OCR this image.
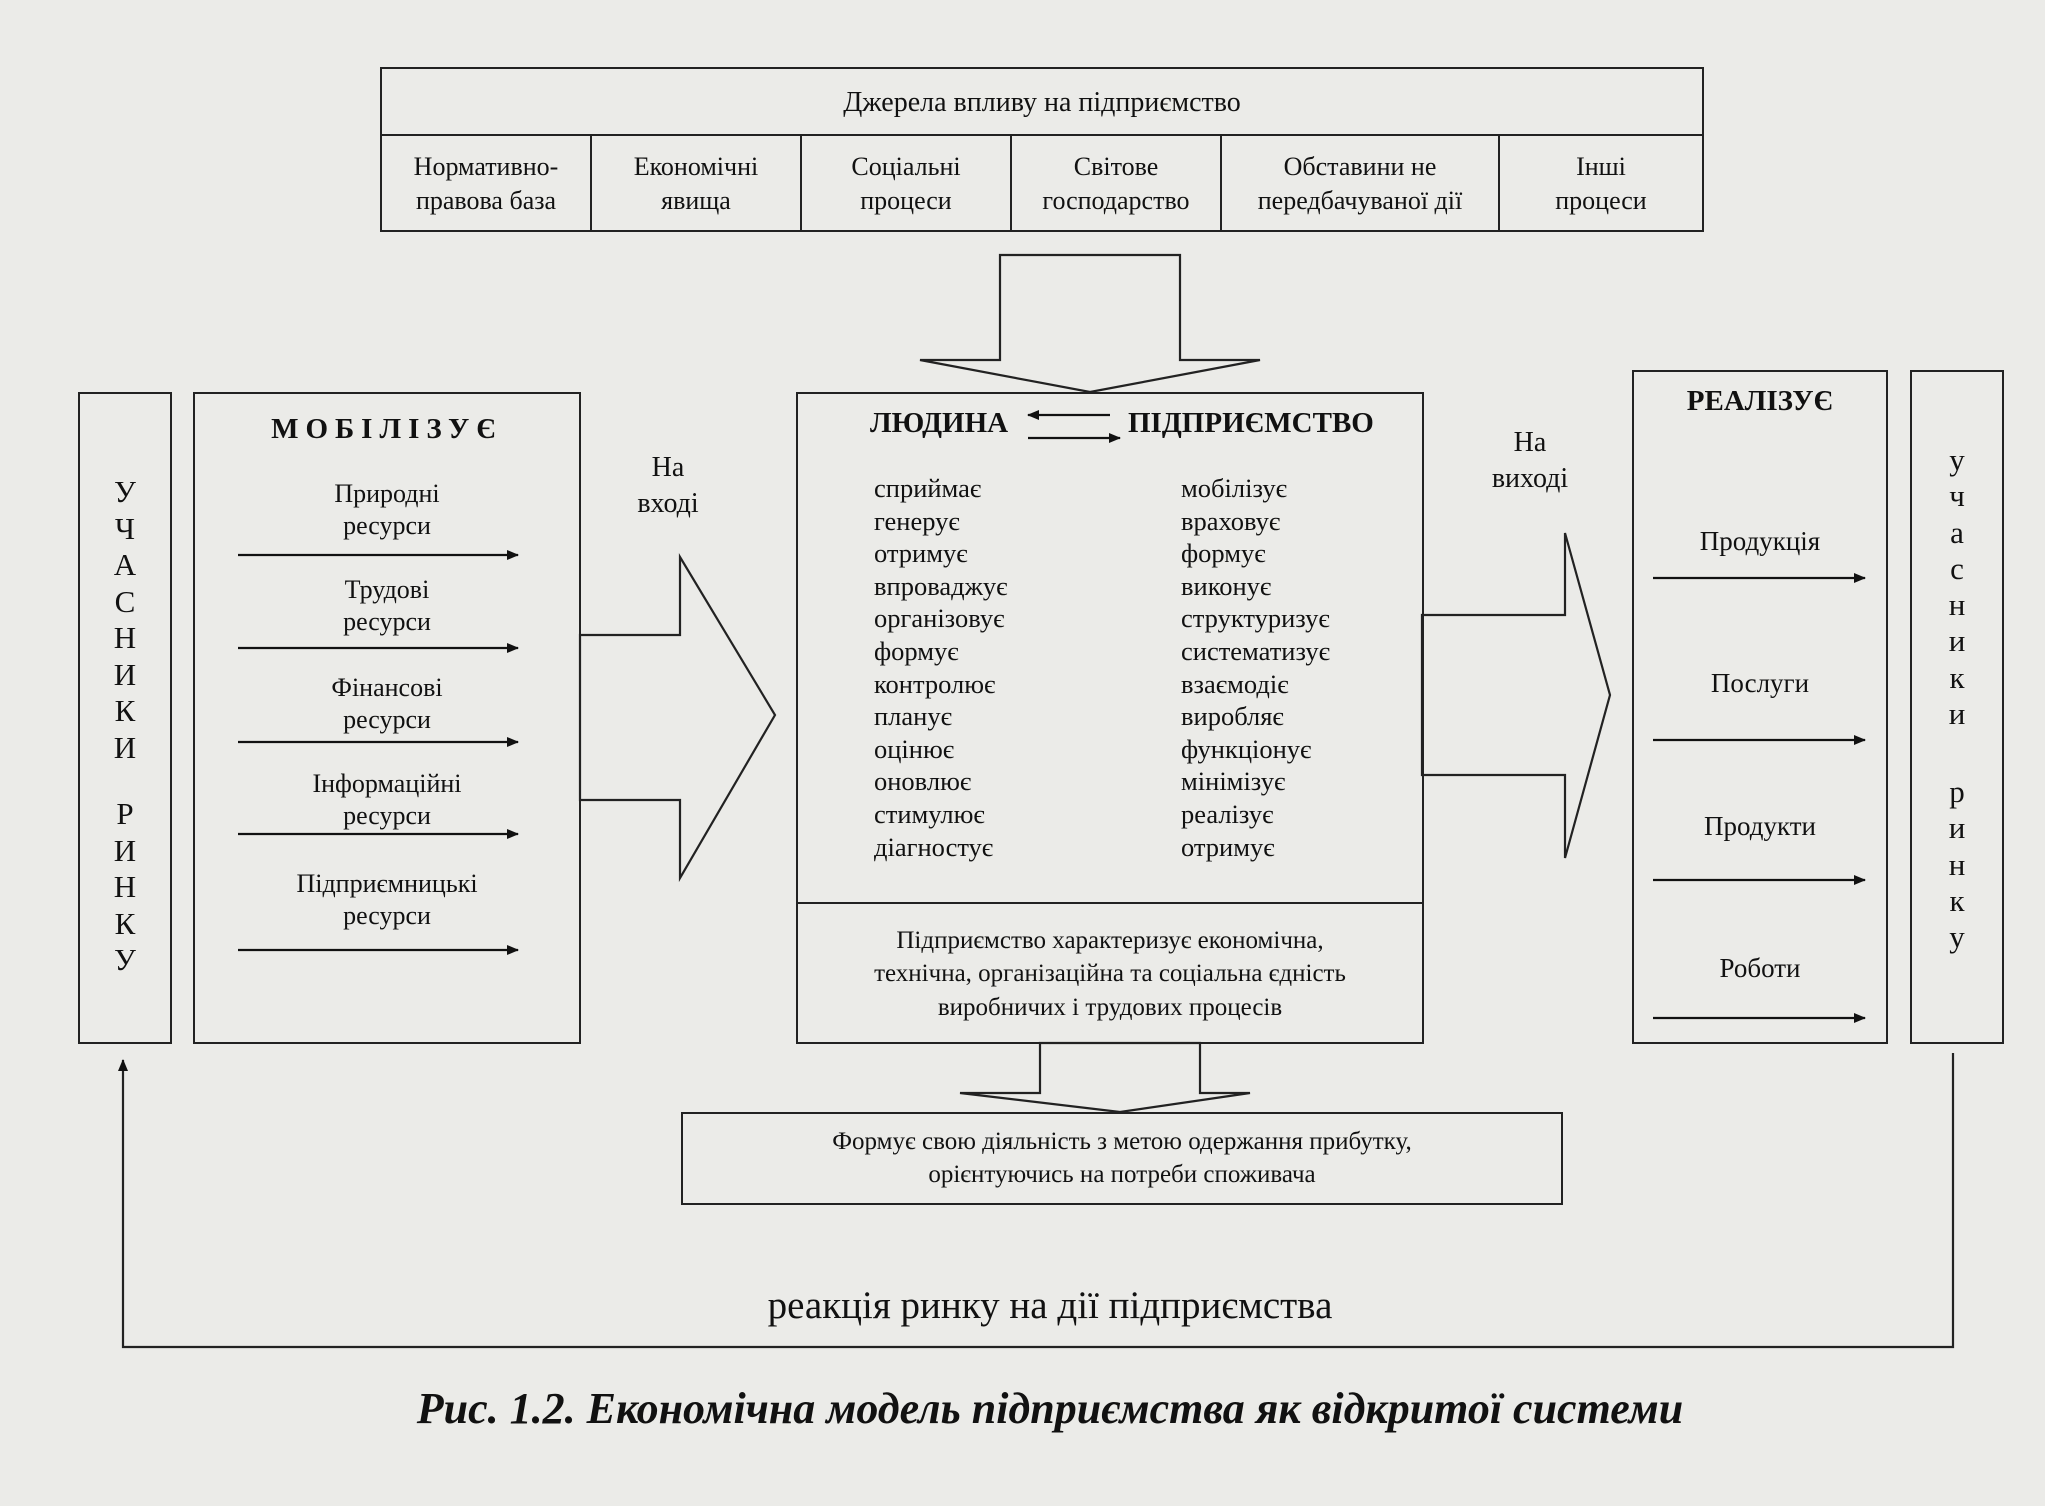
Джерела впливу на підприємство
Нормативно-
правова база
Економічні
явища
Соціальні
процеси
Світове
господарство
Обставини не
передбачуваної дії
Інші
процеси
У
Ч
А
С
Н
И
К
И
Р
И
Н
К
У
МОБІЛІЗУЄ
Природні
ресурси
Трудові
ресурси
Фінансові
ресурси
Інформаційні
ресурси
Підприємницькі
ресурси
На
вході
ЛЮДИНА	ПІДПРИЄМСТВО
сприймає
генерує
отримує
впроваджує
організовує
формує
контролює
планує
оцінює
оновлює
стимулює
діагностує
мобілізує
враховує
формує
виконує
структуризує
систематизує
взаємодіє
виробляє
функціонує
мінімізує
реалізує
отримує
Підприємство характеризує економічна,
технічна, організаційна та соціальна єдність
виробничих і трудових процесів
На
виході
РЕАЛІЗУЄ
Продукція
Послуги
Продукти
Роботи
у
ч
а
с
н
и
к
и
р
и
н
к
у
Формує свою діяльність з метою одержання прибутку,
орієнтуючись на потреби споживача
реакція ринку на дії підприємства
Рис. 1.2. Економічна модель підприємства як відкритої системи
